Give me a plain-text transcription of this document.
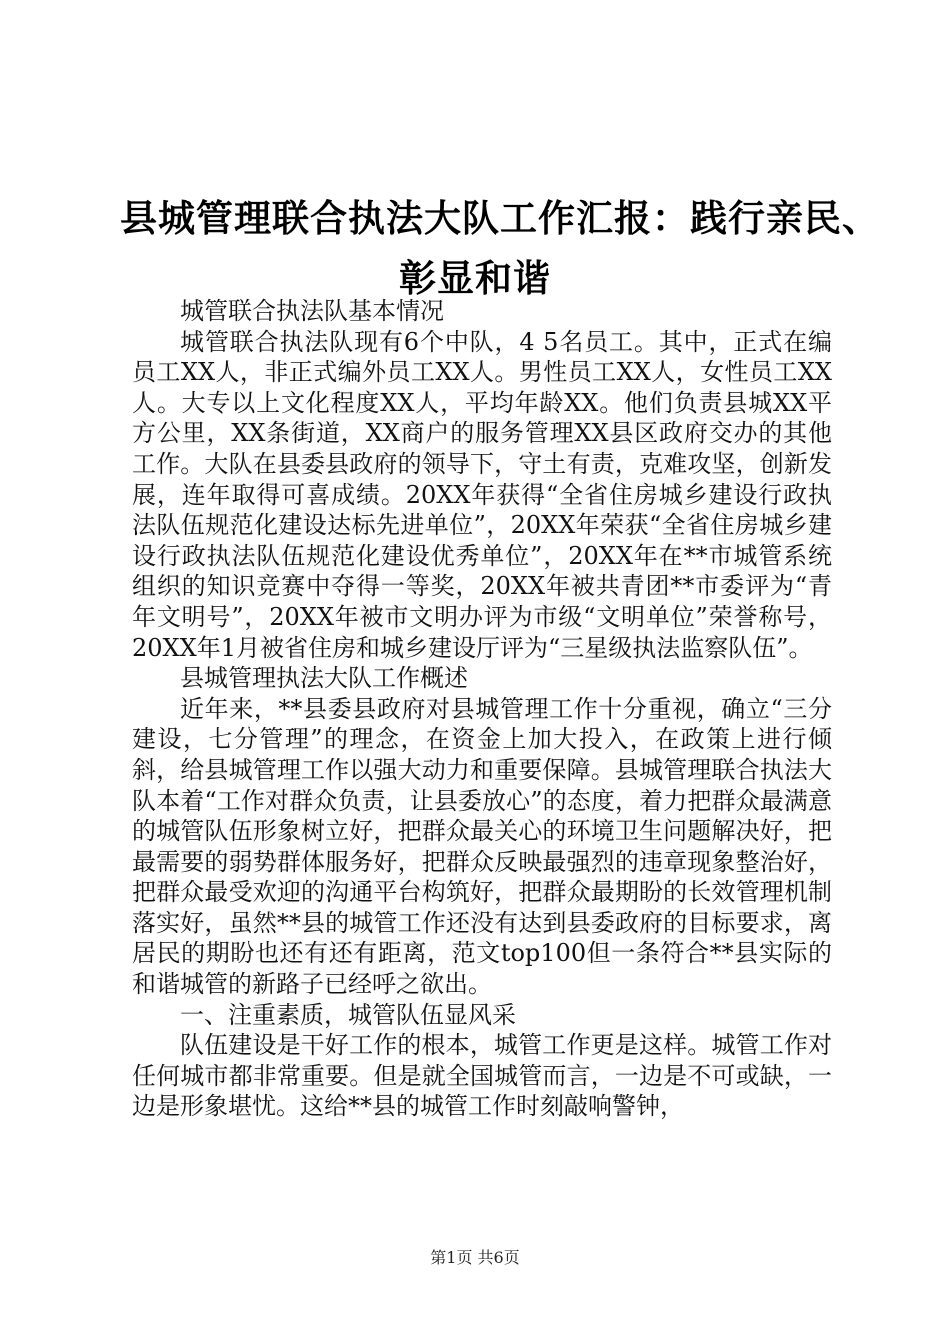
县城管理联合执法大队工作汇报：践行亲民、
彰显和谐

城管联合执法队基本情况

城管联合执法队现有6个中队，4 5名员工。其中，正式在编员工XX人，非正式编外员工XX人。男性员工XX人，女性员工XX人。大专以上文化程度XX人，平均年龄XX。他们负责县城XX平方公里，XX条街道，XX商户的服务管理XX县区政府交办的其他工作。大队在县委县政府的领导下，守土有责，克难攻坚，创新发展，连年取得可喜成绩。20XX年获得“全省住房城乡建设行政执法队伍规范化建设达标先进单位”，20XX年荣获“全省住房城乡建设行政执法队伍规范化建设优秀单位”，20XX年在**市城管系统组织的知识竞赛中夺得一等奖，20XX年被共青团**市委评为“青年文明号”，20XX年被市文明办评为市级“文明单位”荣誉称号，20XX年1月被省住房和城乡建设厅评为“三星级执法监察队伍”。

县城管理执法大队工作概述

近年来，**县委县政府对县城管理工作十分重视，确立“三分建设，七分管理”的理念，在资金上加大投入，在政策上进行倾斜，给县城管理工作以强大动力和重要保障。县城管理联合执法大队本着“工作对群众负责，让县委放心”的态度，着力把群众最满意的城管队伍形象树立好，把群众最关心的环境卫生问题解决好，把最需要的弱势群体服务好，把群众反映最强烈的违章现象整治好，把群众最受欢迎的沟通平台构筑好，把群众最期盼的长效管理机制落实好，虽然**县的城管工作还没有达到县委政府的目标要求，离居民的期盼也还有还有距离，范文top100但一条符合**县实际的和谐城管的新路子已经呼之欲出。

一、注重素质，城管队伍显风采

队伍建设是干好工作的根本，城管工作更是这样。城管工作对任何城市都非常重要。但是就全国城管而言，一边是不可或缺，一边是形象堪忧。这给**县的城管工作时刻敲响警钟，

第1页 共6页
